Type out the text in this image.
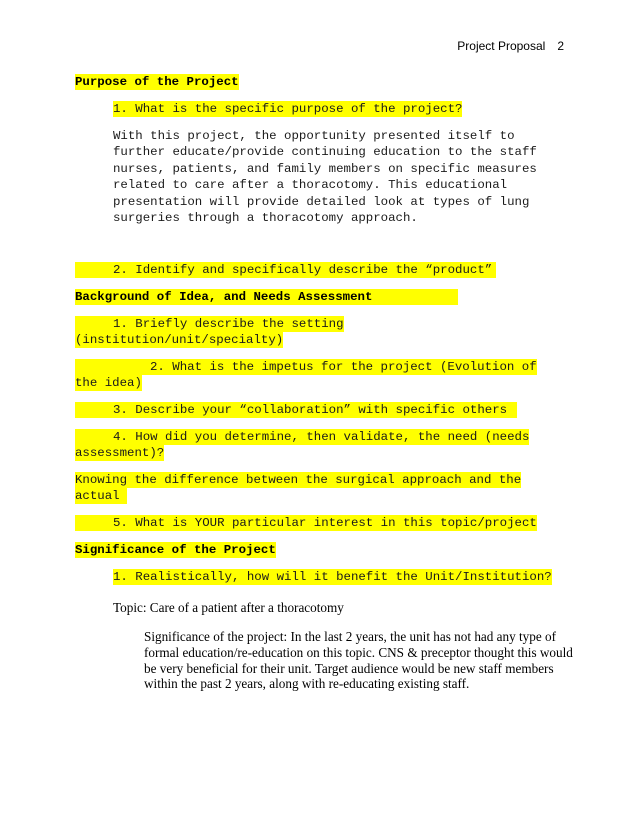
Project Proposal 2
Purpose of the Project
1. What is the specific purpose of the project?
With this project, the opportunity presented itself to
further educate/provide continuing education to the staff
nurses, patients, and family members on specific measures
related to care after a thoracotomy. This educational
presentation will provide detailed look at types of lung
surgeries through a thoracotomy approach.
2. Identify and specifically describe the “product”
Background of Idea, and Needs Assessment
1. Briefly describe the setting
(institution/unit/specialty)
2. What is the impetus for the project (Evolution of
the idea)
3. Describe your “collaboration” with specific others
4. How did you determine, then validate, the need (needs
assessment)?
Knowing the difference between the surgical approach and the
actual
5. What is YOUR particular interest in this topic/project
Significance of the Project
1. Realistically, how will it benefit the Unit/Institution?
Topic: Care of a patient after a thoracotomy
Significance of the project: In the last 2 years, the unit has not had any type of
formal education/re-education on this topic. CNS & preceptor thought this would
be very beneficial for their unit. Target audience would be new staff members
within the past 2 years, along with re-educating existing staff.
